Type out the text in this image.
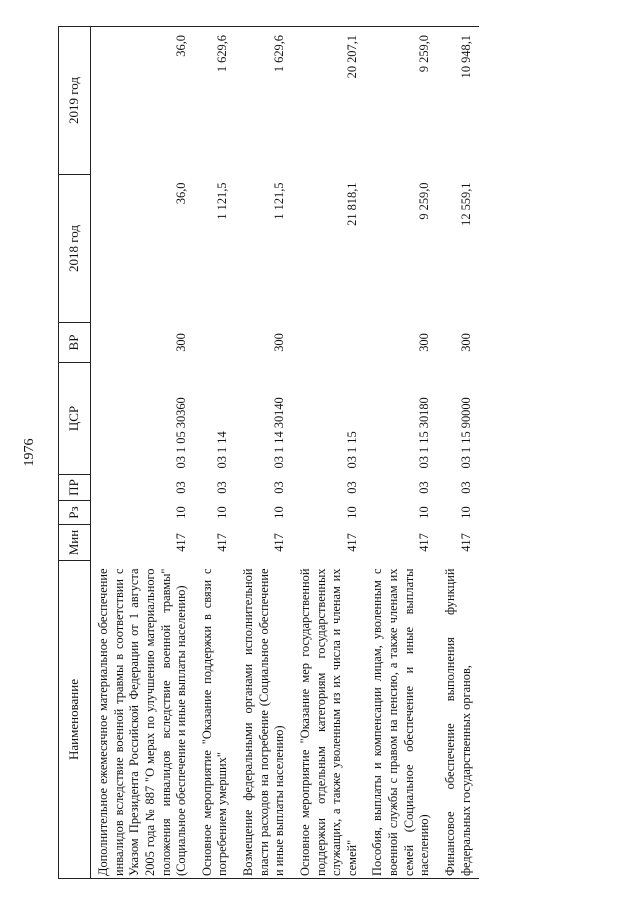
1976
Наименование	Мин	Рз	ПР	ЦСР	ВР	2018 год	2019 год
Дополнительное ежемесячное материальное обеспечение инвалидов вследствие военной травмы в соответствии с Указом Президента Российской Федерации от 1 августа 2005 года № 887 "О мерах по улучшению материального положения инвалидов вследствие военной травмы" (Социальное обеспечение и иные выплаты населению)	417	10	03	03 1 05 30360	300	36,0	36,0
Основное мероприятие "Оказание поддержки в связи с погребением умерших"	417	10	03	03 1 14		1 121,5	1 629,6
Возмещение федеральными органами исполнительной власти расходов на погребение (Социальное обеспечение и иные выплаты населению)	417	10	03	03 1 14 30140	300	1 121,5	1 629,6
Основное мероприятие "Оказание мер государственной поддержки отдельным категориям государственных служащих, а также уволенным из их числа и членам их семей"	417	10	03	03 1 15		21 818,1	20 207,1
Пособия, выплаты и компенсации лицам, уволенным с военной службы с правом на пенсию, а также членам их семей (Социальное обеспечение и иные выплаты населению)	417	10	03	03 1 15 30180	300	9 259,0	9 259,0
Финансовое обеспечение выполнения функций федеральных государственных органов,	417	10	03	03 1 15 90000	300	12 559,1	10 948,1
